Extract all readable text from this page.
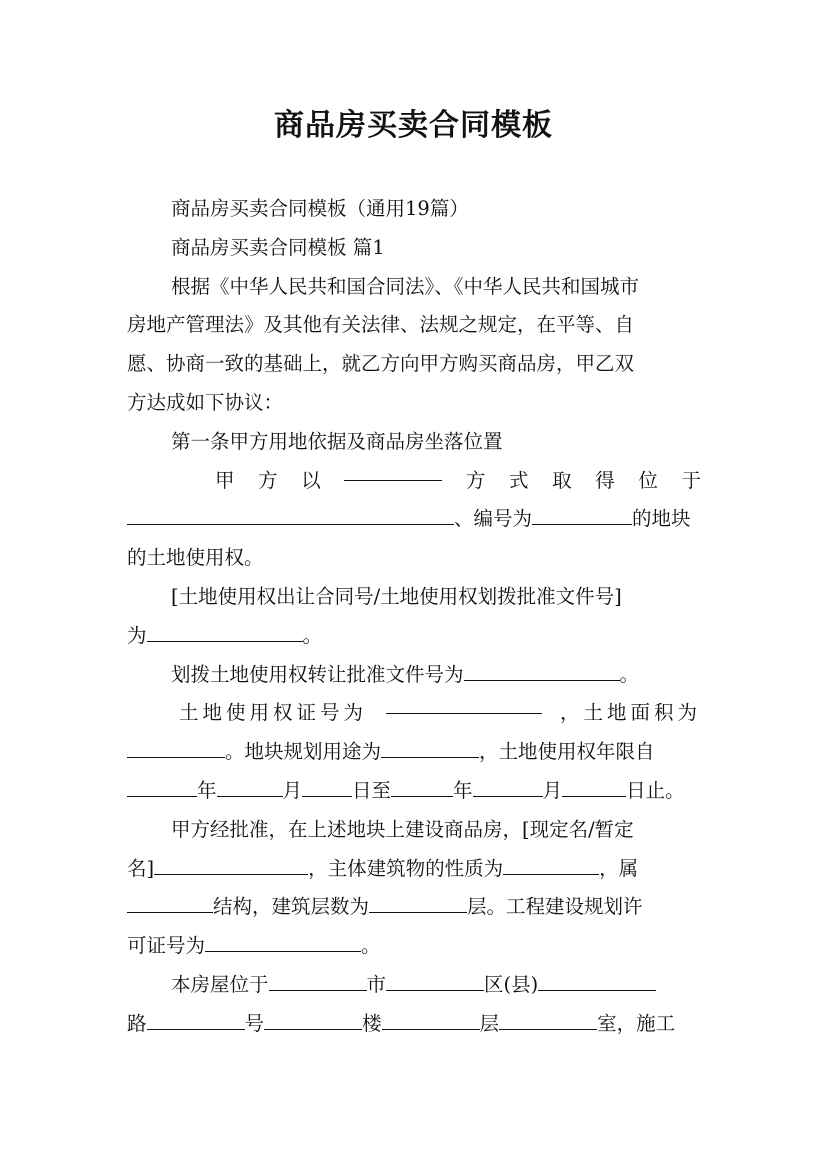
商品房买卖合同模板
商品房买卖合同模板（通用19篇）
商品房买卖合同模板 篇1
根据《中华人民共和国合同法》、《中华人民共和国城市
房地产管理法》及其他有关法律、法规之规定，在平等、自
愿、协商一致的基础上，就乙方向甲方购买商品房，甲乙双
方达成如下协议：
第一条甲方用地依据及商品房坐落位置
甲 方 以	方 式 取 得 位 于
、编号为	的地块
的土地使用权。
[土地使用权出让合同号/土地使用权划拨批准文件号]
为	。
划拨土地使用权转让批准文件号为	。
土地使用权证号为	，土地面积为
。地块规划用途为	，土地使用权年限自
年	月	日至	年	月	日止。
甲方经批准，在上述地块上建设商品房，[现定名/暂定
名]	，主体建筑物的性质为	，属
结构，建筑层数为	层。工程建设规划许
可证号为	。
本房屋位于	市	区(县)
路	号	楼	层	室，施工
